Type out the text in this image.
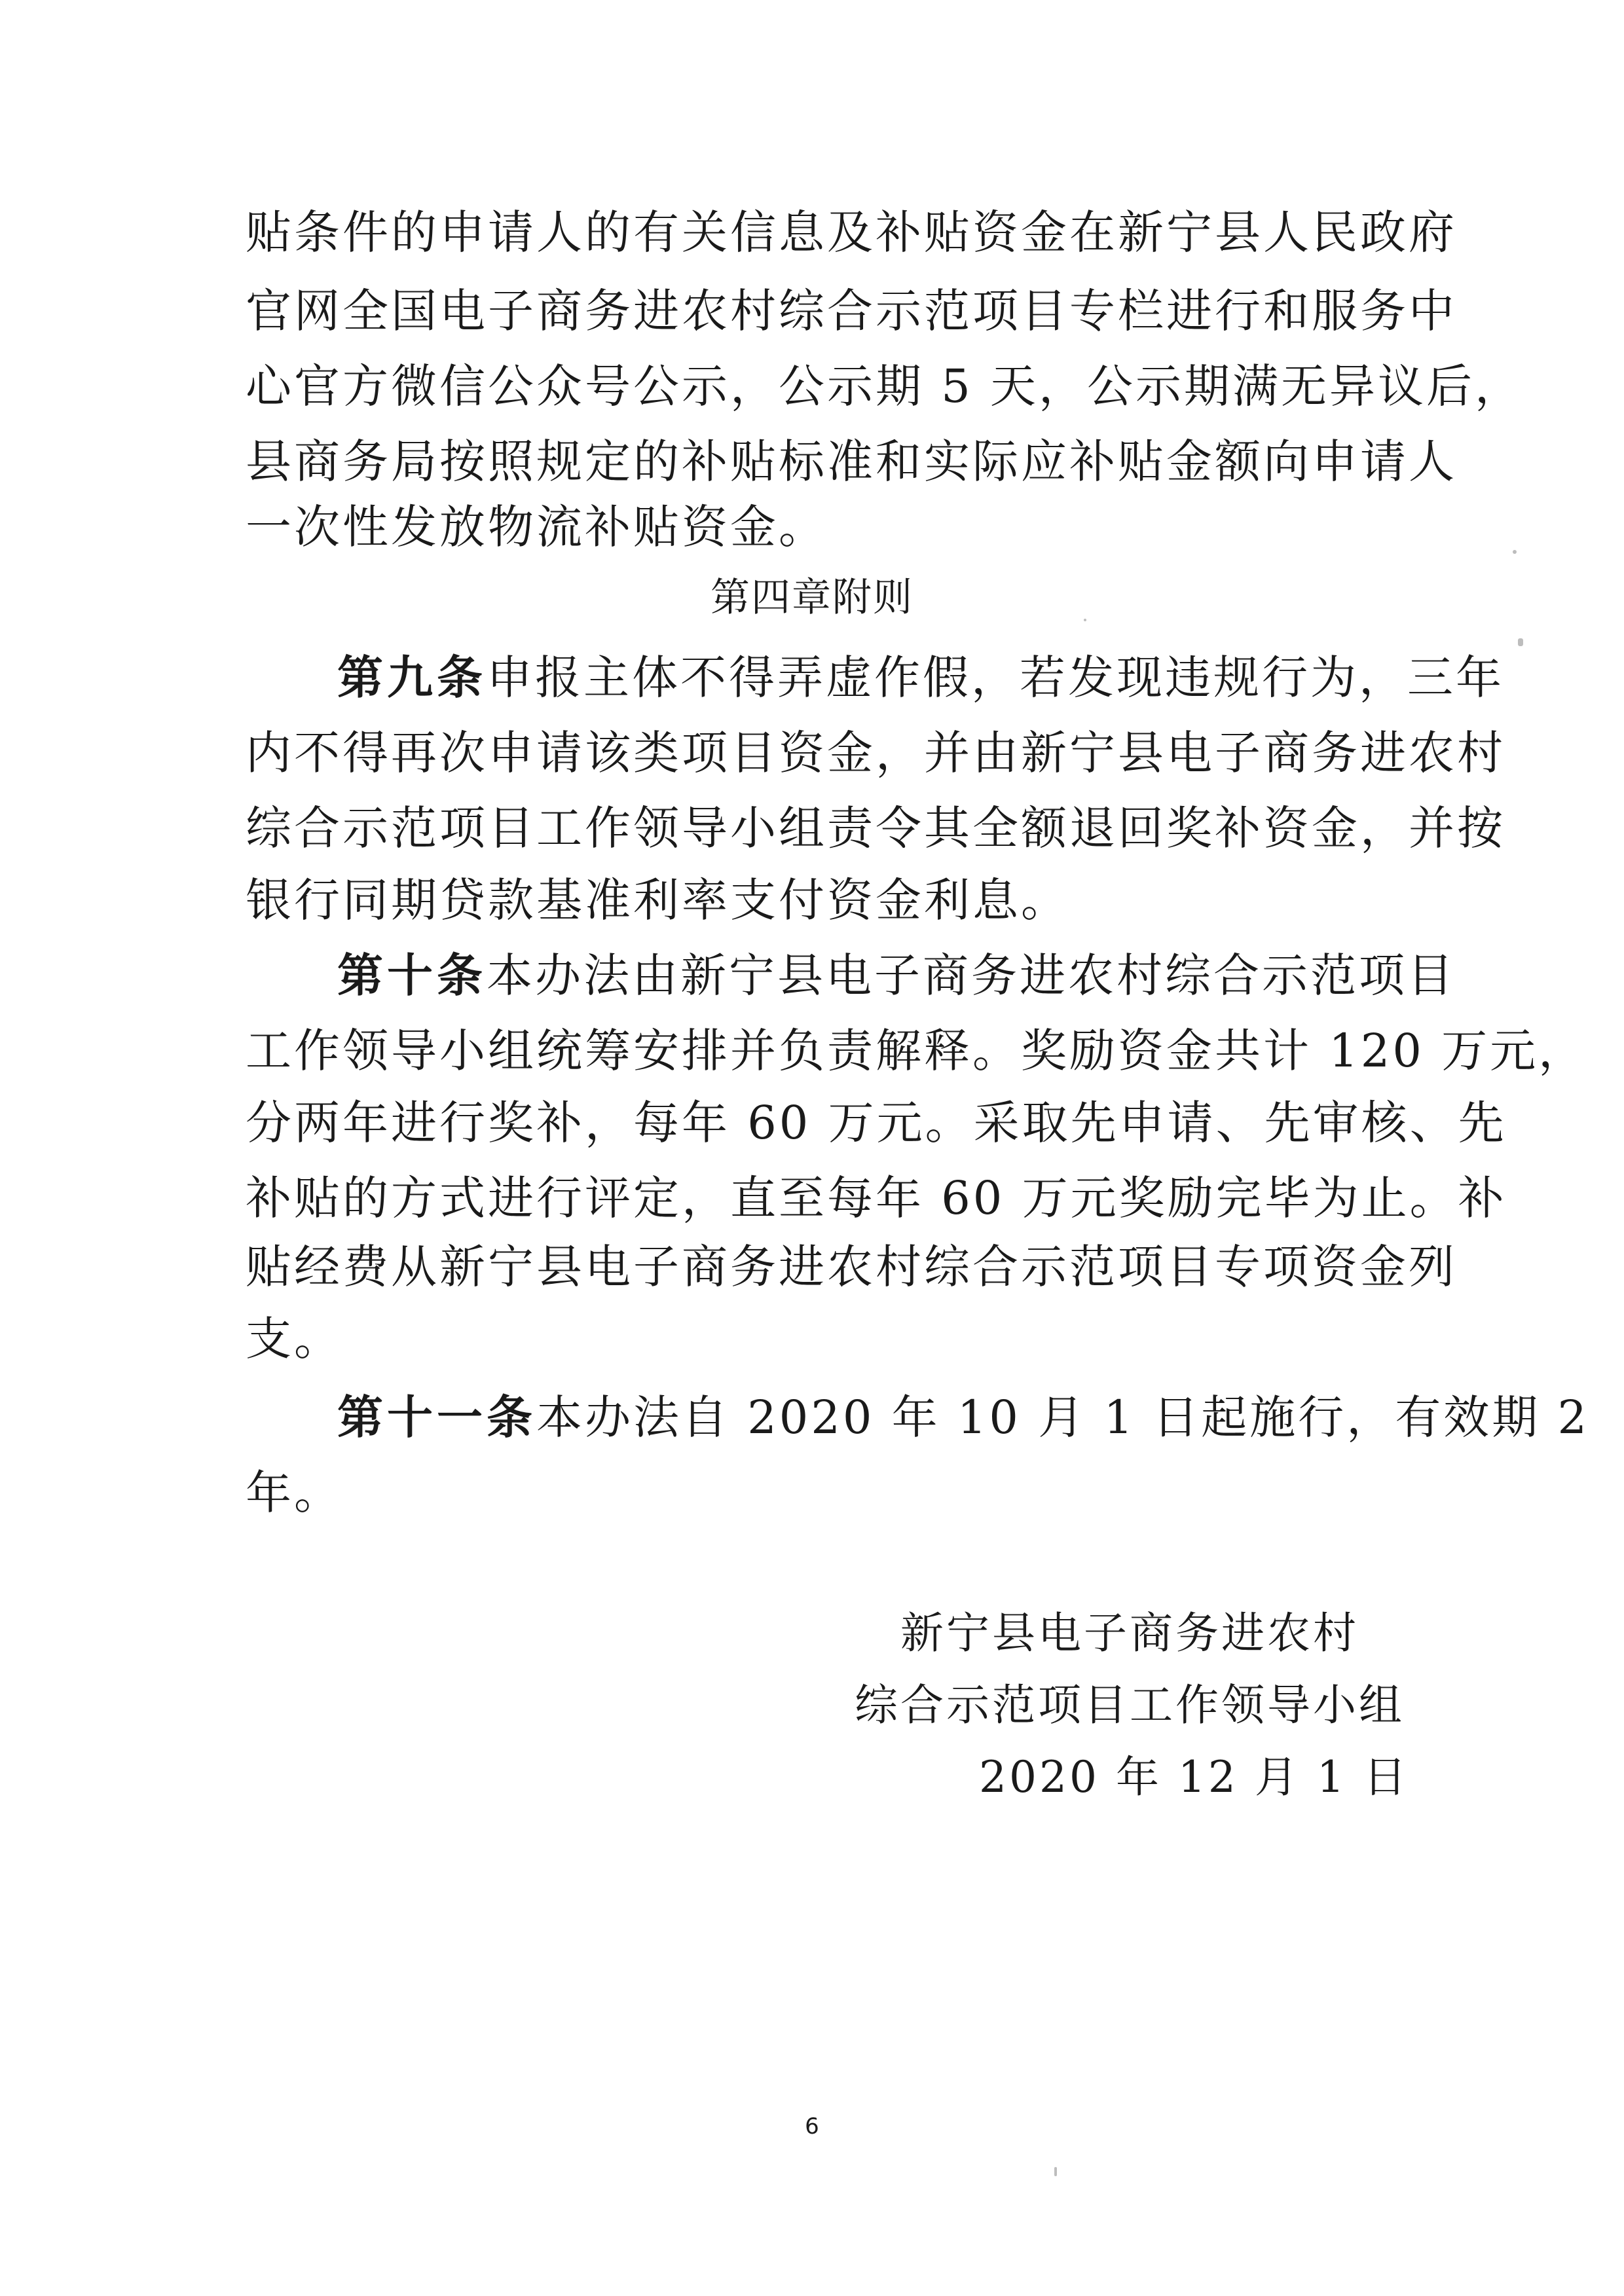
贴条件的申请人的有关信息及补贴资金在新宁县人民政府
官网全国电子商务进农村综合示范项目专栏进行和服务中
心官方微信公众号公示，公示期 5 天，公示期满无异议后，
县商务局按照规定的补贴标准和实际应补贴金额向申请人
一次性发放物流补贴资金。
第四章附则
第九条申报主体不得弄虚作假，若发现违规行为，三年
内不得再次申请该类项目资金，并由新宁县电子商务进农村
综合示范项目工作领导小组责令其全额退回奖补资金，并按
银行同期贷款基准利率支付资金利息。
第十条本办法由新宁县电子商务进农村综合示范项目
工作领导小组统筹安排并负责解释。奖励资金共计 120 万元，
分两年进行奖补，每年 60 万元。采取先申请、先审核、先
补贴的方式进行评定，直至每年 60 万元奖励完毕为止。补
贴经费从新宁县电子商务进农村综合示范项目专项资金列
支。
第十一条本办法自 2020 年 10 月 1 日起施行，有效期 2
年。
新宁县电子商务进农村
综合示范项目工作领导小组
2020 年 12 月 1 日
6
